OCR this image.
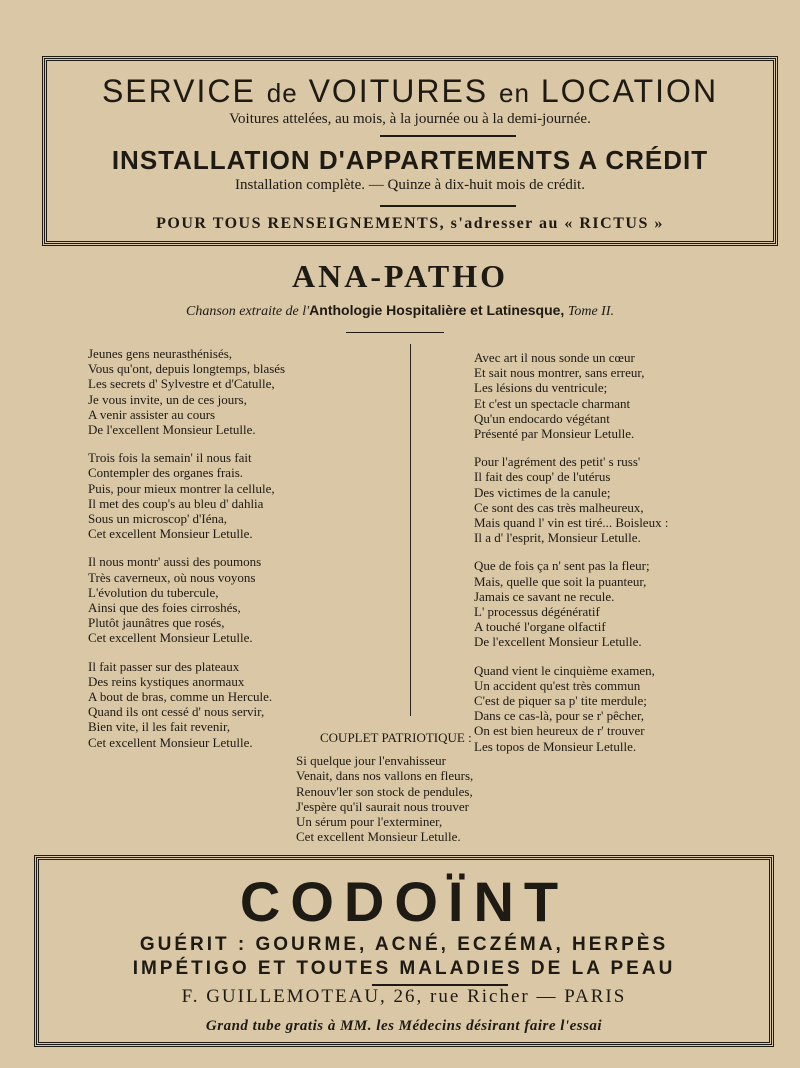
SERVICE de VOITURES en LOCATION
Voitures attelées, au mois, à la journée ou à la demi-journée.
INSTALLATION D'APPARTEMENTS A CRÉDIT
Installation complète. — Quinze à dix-huit mois de crédit.
POUR TOUS RENSEIGNEMENTS, s'adresser au « RICTUS »
ANA-PATHO
Chanson extraite de l'Anthologie Hospitalière et Latinesque, Tome II.
Jeunes gens neurasthénisés,
Vous qu'ont, depuis longtemps, blasés
Les secrets d' Sylvestre et d'Catulle,
Je vous invite, un de ces jours,
A venir assister au cours
De l'excellent Monsieur Letulle.
Trois fois la semain' il nous fait
Contempler des organes frais.
Puis, pour mieux montrer la cellule,
Il met des coup's au bleu d' dahlia
Sous un microscop' d'Iéna,
Cet excellent Monsieur Letulle.
Il nous montr' aussi des poumons
Très caverneux, où nous voyons
L'évolution du tubercule,
Ainsi que des foies cirroshés,
Plutôt jaunâtres que rosés,
Cet excellent Monsieur Letulle.
Il fait passer sur des plateaux
Des reins kystiques anormaux
A bout de bras, comme un Hercule.
Quand ils ont cessé d' nous servir,
Bien vite, il les fait revenir,
Cet excellent Monsieur Letulle.
Avec art il nous sonde un cœur
Et sait nous montrer, sans erreur,
Les lésions du ventricule;
Et c'est un spectacle charmant
Qu'un endocardo végétant
Présenté par Monsieur Letulle.
Pour l'agrément des petit' s russ'
Il fait des coup' de l'utérus
Des victimes de la canule;
Ce sont des cas très malheureux,
Mais quand l' vin est tiré... Boisleux :
Il a d' l'esprit, Monsieur Letulle.
Que de fois ça n' sent pas la fleur;
Mais, quelle que soit la puanteur,
Jamais ce savant ne recule.
L' processus dégénératif
A touché l'organe olfactif
De l'excellent Monsieur Letulle.
Quand vient le cinquième examen,
Un accident qu'est très commun
C'est de piquer sa p' tite merdule;
Dans ce cas-là, pour se r' pêcher,
On est bien heureux de r' trouver
Les topos de Monsieur Letulle.
COUPLET PATRIOTIQUE :
Si quelque jour l'envahisseur
Venait, dans nos vallons en fleurs,
Renouv'ler son stock de pendules,
J'espère qu'il saurait nous trouver
Un sérum pour l'exterminer,
Cet excellent Monsieur Letulle.
CODOÏNT
GUÉRIT : GOURME, ACNÉ, ECZÉMA, HERPÈS
IMPÉTIGO ET TOUTES MALADIES DE LA PEAU
F. GUILLEMOTEAU, 26, rue Richer — PARIS
Grand tube gratis à MM. les Médecins désirant faire l'essai
